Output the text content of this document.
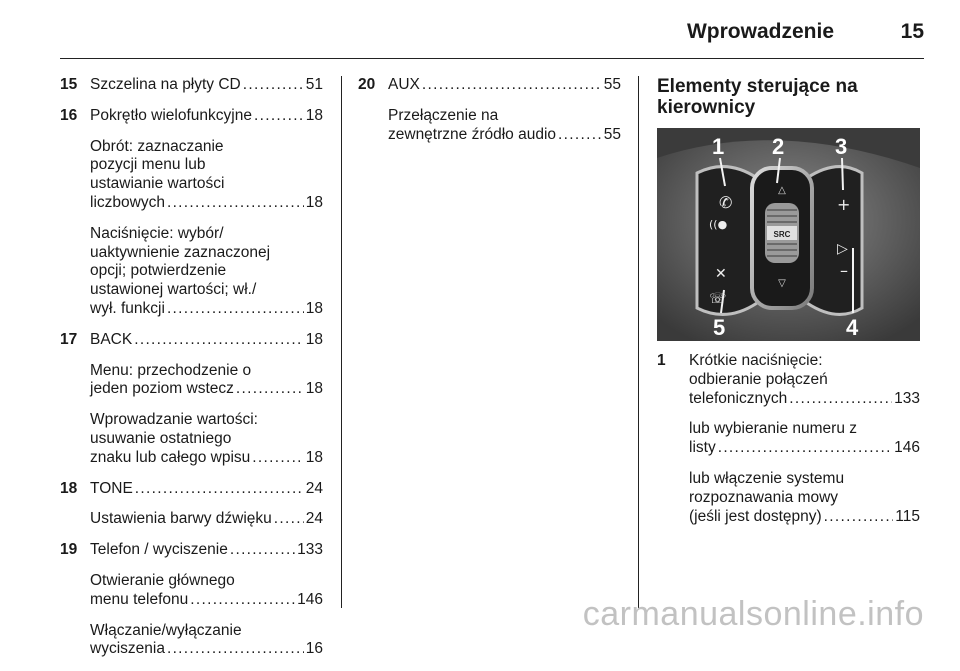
Wprowadzenie	15
15 Szczelina na płyty CD . . .	51
16 Pokrętło wielofunkcyjne . . .	18
Obrót: zaznaczanie
pozycji menu lub
ustawianie wartości
liczbowych . . .	18
Naciśnięcie: wybór/
uaktywnienie zaznaczonej
opcji; potwierdzenie
ustawionej wartości; wł./
wył. funkcji . . .	18
17 BACK . . .	18
Menu: przechodzenie o
jeden poziom wstecz . . .	18
Wprowadzanie wartości:
usuwanie ostatniego
znaku lub całego wpisu . . .	18
18 TONE . . .	24
Ustawienia barwy dźwięku . . . 24
19 Telefon / wyciszenie . . .	133
Otwieranie głównego
menu telefonu . . .	146
Włączanie/wyłączanie
wyciszenia . . .	16
20 AUX . . .	55
Przełączenie na
zewnętrzne źródło audio . . .	55
Elementy sterujące na kierownicy
SRC
△
▽
✆
((●
✕
☏
+
▷
–
1 2 3
4
5
1 Krótkie naciśnięcie:
odbieranie połączeń
telefonicznych . . .	133
lub wybieranie numeru z
listy . . .	146
lub włączenie systemu
rozpoznawania mowy
(jeśli jest dostępny) . . .	115
carmanualsonline.info
